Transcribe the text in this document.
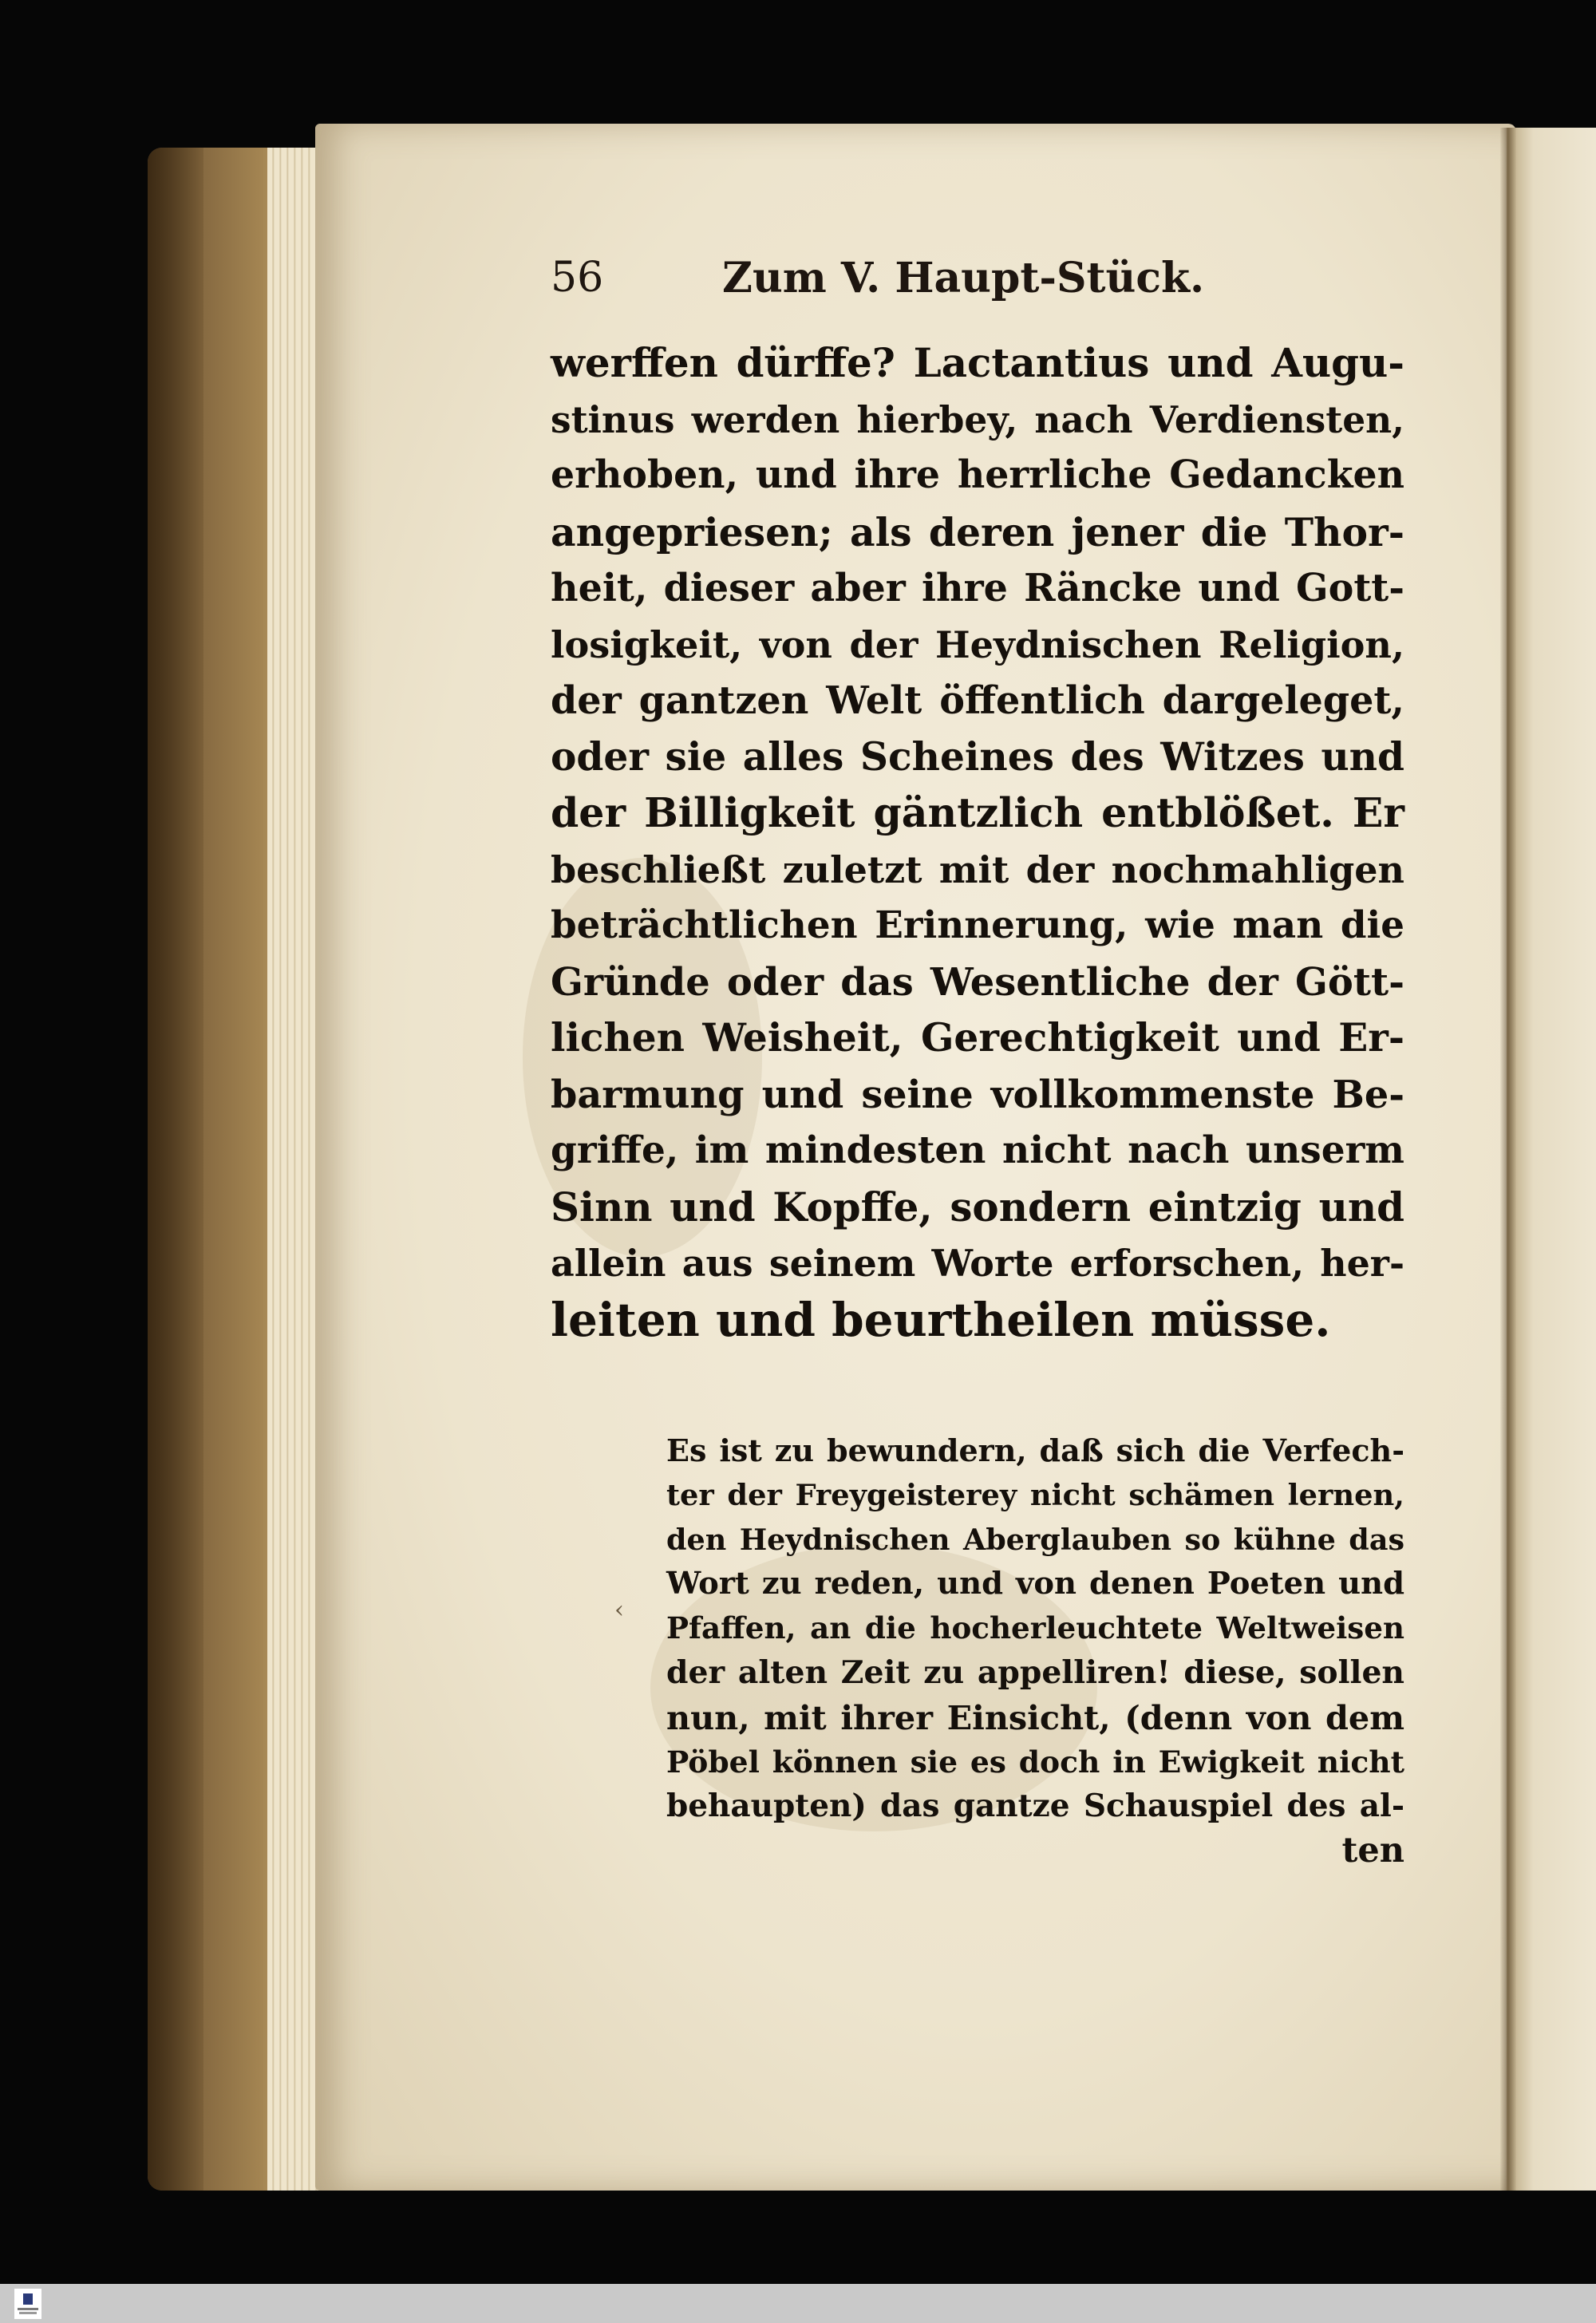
56	Zum V. Haupt-Stück.
werffen dürffe? Lactantius und Augu-
stinus werden hierbey, nach Verdiensten,
erhoben, und ihre herrliche Gedancken
angepriesen; als deren jener die Thor-
heit, dieser aber ihre Räncke und Gott-
losigkeit, von der Heydnischen Religion,
der gantzen Welt öffentlich dargeleget,
oder sie alles Scheines des Witzes und
der Billigkeit gäntzlich entblößet. Er
beschließt zuletzt mit der nochmahligen
beträchtlichen Erinnerung, wie man die
Gründe oder das Wesentliche der Gött-
lichen Weisheit, Gerechtigkeit und Er-
barmung und seine vollkommenste Be-
griffe, im mindesten nicht nach unserm
Sinn und Kopffe, sondern eintzig und
allein aus seinem Worte erforschen, her-
leiten und beurtheilen müsse.
‹
Es ist zu bewundern, daß sich die Verfech-
ter der Freygeisterey nicht schämen lernen,
den Heydnischen Aberglauben so kühne das
Wort zu reden, und von denen Poeten und
Pfaffen, an die hocherleuchtete Weltweisen
der alten Zeit zu appelliren! diese, sollen
nun, mit ihrer Einsicht, (denn von dem
Pöbel können sie es doch in Ewigkeit nicht
behaupten) das gantze Schauspiel des al-
ten
